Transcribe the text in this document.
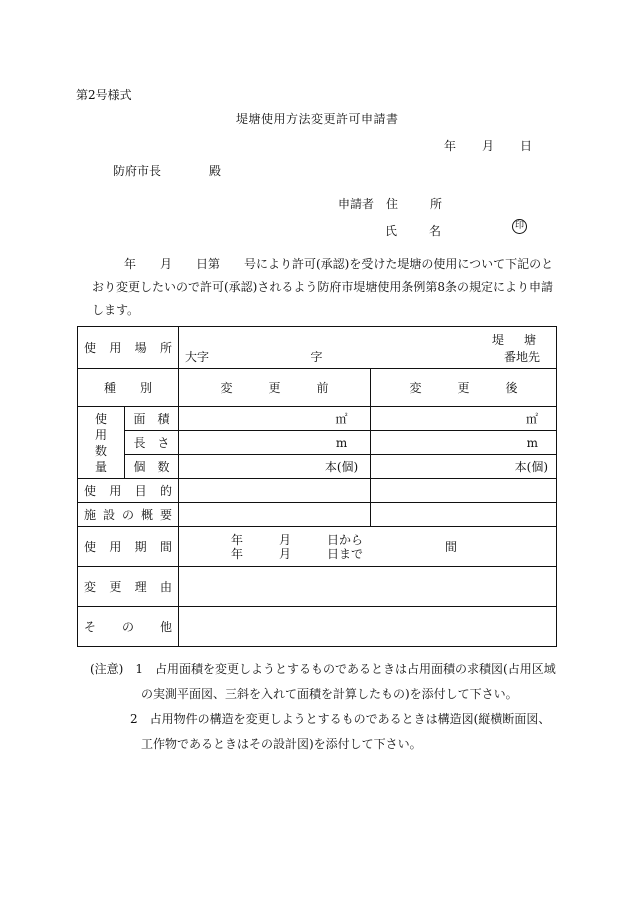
第2号様式
堤塘使用方法変更許可申請書
年 月 日
防府市長	殿
申請者 住　所
氏　名	印

年　　月　　日第　　号により許可(承認)を受けた堤塘の使用について下記のと

おり変更したいので許可(承認)されるよう防府市堤塘使用条例第8条の規定により申請

します。

使　用　場　所		堤　塘
大字 字 番地先	

種　　別		変　　　更　　　前	変　　　更　　　後
使　用
数　量	面　積	㎡	㎡
	長　さ	m	m
	個　数	本(個)	本(個)

使　用　目　的			

施設の概要			

使　用　期　間		年　　　月　　　日から
年　　　月　　　日まで 間	

変　更　理　由			

そ　　の　　他			

(注意)　 1　 占用面積を変更しようとするものであるときは占用面積の求積図(占用区域

の実測平面図、三斜を入れて面積を計算したもの)を添付して下さい。

2　 占用物件の構造を変更しようとするものであるときは構造図(縦横断面図、

工作物であるときはその設計図)を添付して下さい。
